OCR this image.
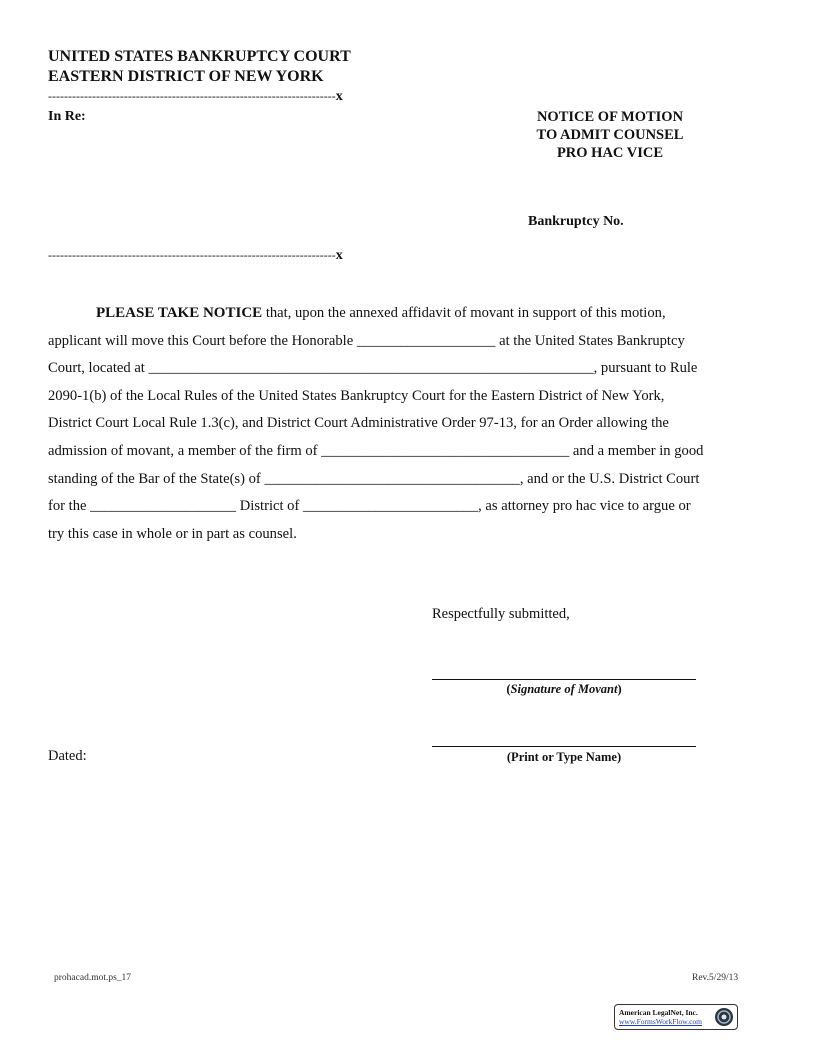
UNITED STATES BANKRUPTCY COURT
EASTERN DISTRICT OF NEW YORK
------------------------------------------------------------------------x
In Re:	NOTICE OF MOTION
TO ADMIT COUNSEL
PRO HAC VICE
Bankruptcy No.
------------------------------------------------------------------------x

PLEASE TAKE NOTICE that, upon the annexed affidavit of movant in support of this motion,

applicant will move this Court before the Honorable ___________________ at the United States Bankruptcy

Court, located at _____________________________________________________________, pursuant to Rule

2090-1(b) of the Local Rules of the United States Bankruptcy Court for the Eastern District of New York,

District Court Local Rule 1.3(c), and District Court Administrative Order 97-13, for an Order allowing the

admission of movant, a member of the firm of __________________________________ and a member in good

standing of the Bar of the State(s) of ___________________________________, and or the U.S. District Court

for the ____________________ District of ________________________, as attorney pro hac vice to argue or

try this case in whole or in part as counsel.

Respectfully submitted,
(Signature of Movant)
(Print or Type Name)
Dated:
prohacad.mot.ps_17	Rev.5/29/13
American LegalNet, Inc.
www.FormsWorkFlow.com
